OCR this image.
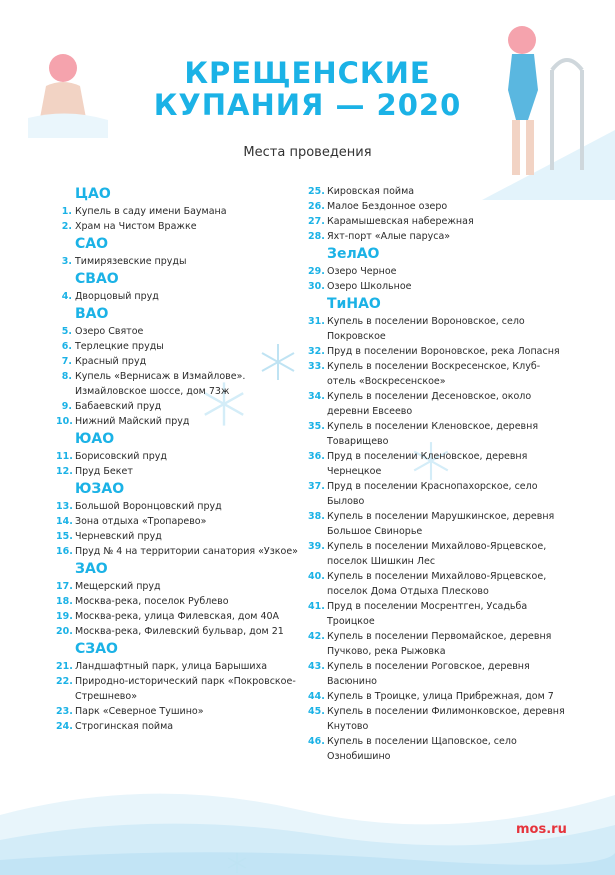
КРЕЩЕНСКИЕ
КУПАНИЯ — 2020
Места проведения
ЦАО
1. Купель в саду имени Баумана
2. Храм на Чистом Вражке
САО
3. Тимирязевские пруды
СВАО
4. Дворцовый пруд
ВАО
5. Озеро Святое
6. Терлецкие пруды
7. Красный пруд
8. Купель «Вернисаж в Измайлове». Измайловское шоссе, дом 73ж
9. Бабаевский пруд
10. Нижний Майский пруд
ЮАО
11. Борисовский пруд
12. Пруд Бекет
ЮЗАО
13. Большой Воронцовский пруд
14. Зона отдыха «Тропарево»
15. Черневский пруд
16. Пруд № 4 на территории санатория «Узкое»
ЗАО
17. Мещерский пруд
18. Москва-река, поселок Рублево
19. Москва-река, улица Филевская, дом 40А
20. Москва-река, Филевский бульвар, дом 21
СЗАО
21. Ландшафтный парк, улица Барышиха
22. Природно-исторический парк «Покровское-Стрешнево»
23. Парк «Северное Тушино»
24. Строгинская пойма
25. Кировская пойма
26. Малое Бездонное озеро
27. Карамышевская набережная
28. Яхт-порт «Алые паруса»
ЗелАО
29. Озеро Черное
30. Озеро Школьное
ТиНАО
31. Купель в поселении Вороновское, село Покровское
32. Пруд в поселении Вороновское, река Лопасня
33. Купель в поселении Воскресенское, Клуб-отель «Воскресенское»
34. Купель в поселении Десеновское, около деревни Евсеево
35. Купель в поселении Кленовское, деревня Товарищево
36. Пруд в поселении Кленовское, деревня Чернецкое
37. Пруд в поселении Краснопахорское, село Былово
38. Купель в поселении Марушкинское, деревня Большое Свинорье
39. Купель в поселении Михайлово-Ярцевское, поселок Шишкин Лес
40. Купель в поселении Михайлово-Ярцевское, поселок Дома Отдыха Плесково
41. Пруд в поселении Мосрентген, Усадьба Троицкое
42. Купель в поселении Первомайское, деревня Пучково, река Рыжовка
43. Купель в поселении Роговское, деревня Васюнино
44. Купель в Троицке, улица Прибрежная, дом 7
45. Купель в поселении Филимонковское, деревня Кнутово
46. Купель в поселении Щаповское, село Ознобишино
mos.ru
